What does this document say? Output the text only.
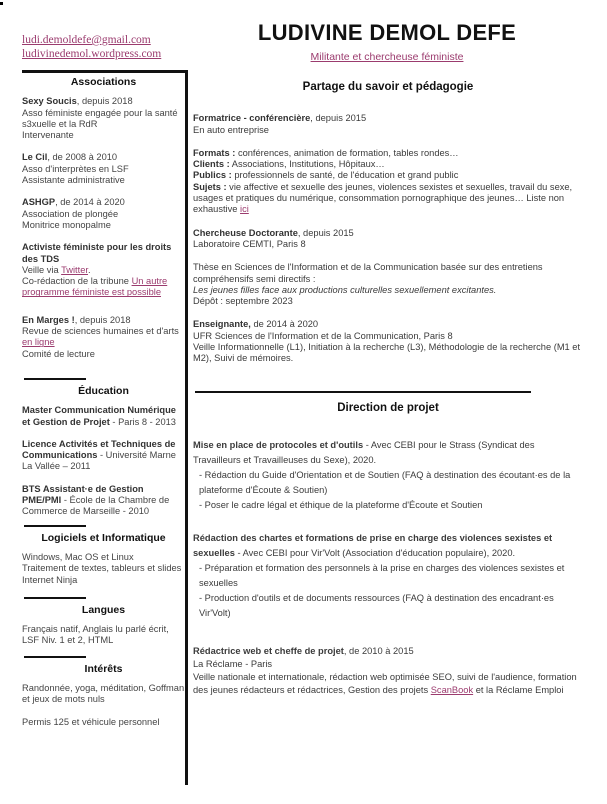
ludi.demoldefe@gmail.com
ludivinedemol.wordpress.com
LUDIVINE DEMOL DEFE
Militante et chercheuse féministe
Associations
Sexy Soucis, depuis 2018
Asso féministe engagée pour la santé s3xuelle et la RdR
Intervenante
Le Cil, de 2008 à 2010
Asso d'interprètes en LSF
Assistante administrative
ASHGP, de 2014 à 2020
Association de plongée
Monitrice monopalme
Activiste féministe pour les droits des TDS
Veille via Twitter.
Co-rédaction de la tribune Un autre programme féministe est possible
En Marges !, depuis 2018
Revue de sciences humaines et d'arts en ligne
Comité de lecture
Éducation
Master Communication Numérique et Gestion de Projet - Paris 8 - 2013
Licence Activités et Techniques de Communications - Université Marne La Vallée – 2011
BTS Assistant·e de Gestion PME/PMI - École de la Chambre de Commerce de Marseille - 2010
Logiciels et Informatique
Windows, Mac OS et Linux
Traitement de textes, tableurs et slides
Internet Ninja
Langues
Français natif, Anglais lu parlé écrit, LSF Niv. 1 et 2, HTML
Intérêts
Randonnée, yoga, méditation, Goffman et jeux de mots nuls
Permis 125 et véhicule personnel
Partage du savoir et pédagogie
Formatrice - conférencière, depuis 2015
En auto entreprise
Formats : conférences, animation de formation, tables rondes…
Clients : Associations, Institutions, Hôpitaux…
Publics : professionnels de santé, de l'éducation et grand public
Sujets : vie affective et sexuelle des jeunes, violences sexistes et sexuelles, travail du sexe, usages et pratiques du numérique, consommation pornographique des jeunes… Liste non exhaustive ici
Chercheuse Doctorante, depuis 2015
Laboratoire CEMTI, Paris 8
Thèse en Sciences de l'Information et de la Communication basée sur des entretiens compréhensifs semi directifs :
Les jeunes filles face aux productions culturelles sexuellement excitantes.
Dépôt : septembre 2023
Enseignante, de 2014 à 2020
UFR Sciences de l'Information et de la Communication, Paris 8
Veille Informationnelle (L1), Initiation à la recherche (L3), Méthodologie de la recherche (M1 et M2), Suivi de mémoires.
Direction de projet
Mise en place de protocoles et d'outils - Avec CEBI pour le Strass (Syndicat des Travailleurs et Travailleuses du Sexe), 2020.
- Rédaction du Guide d'Orientation et de Soutien (FAQ à destination des écoutant·es de la plateforme d'Écoute & Soutien)
- Poser le cadre légal et éthique de la plateforme d'Écoute et Soutien
Rédaction des chartes et formations de prise en charge des violences sexistes et sexuelles - Avec CEBI pour Vir'Volt (Association d'éducation populaire), 2020.
- Préparation et formation des personnels à la prise en charges des violences sexistes et sexuelles
- Production d'outils et de documents ressources (FAQ à destination des encadrant·es Vir'Volt)
Rédactrice web et cheffe de projet, de 2010 à 2015
La Réclame - Paris
Veille nationale et internationale, rédaction web optimisée SEO, suivi de l'audience, formation des jeunes rédacteurs et rédactrices, Gestion des projets ScanBook et la Réclame Emploi
